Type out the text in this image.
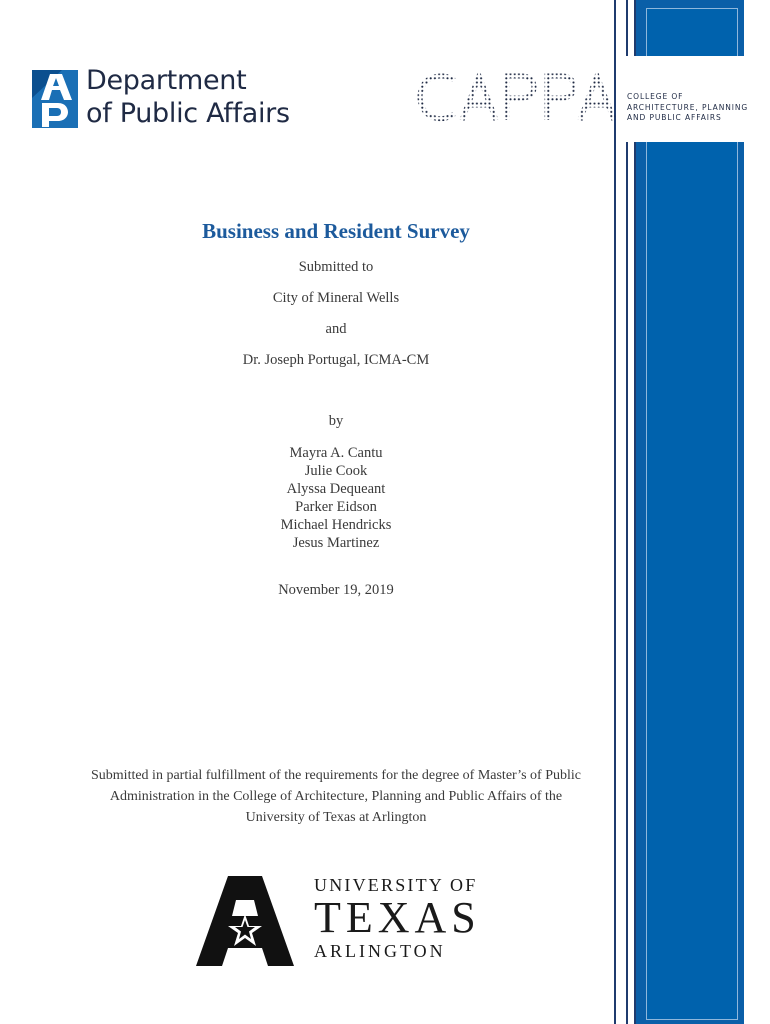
Department
of Public Affairs
COLLEGE OF
ARCHITECTURE, PLANNING
AND PUBLIC AFFAIRS
Business and Resident Survey
Submitted to
City of Mineral Wells
and
Dr. Joseph Portugal, ICMA-CM
by
Mayra A. Cantu
Julie Cook
Alyssa Dequeant
Parker Eidson
Michael Hendricks
Jesus Martinez
November 19, 2019
Submitted in partial fulfillment of the requirements for the degree of Master’s of Public
Administration in the College of Architecture, Planning and Public Affairs of the
University of Texas at Arlington
UNIVERSITY OF
TEXAS
ARLINGTON
